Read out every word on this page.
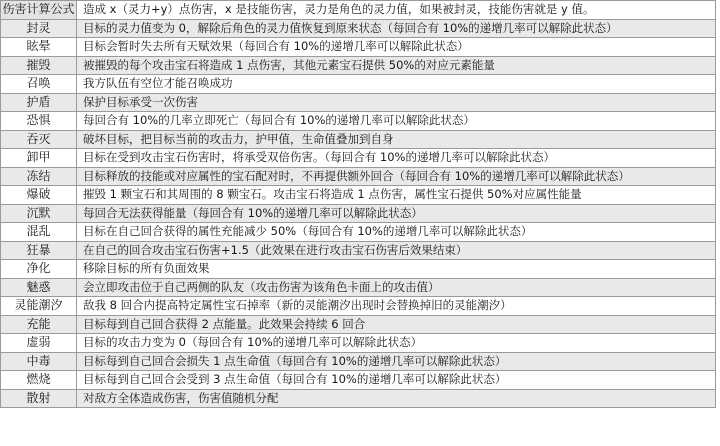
伤害计算公式	造成 x（灵力+y）点伤害，x 是技能伤害，灵力是角色的灵力值，如果被封灵，技能伤害就是 y 值。
封灵	目标的灵力值变为 0，解除后角色的灵力值恢复到原来状态（每回合有 10%的递增几率可以解除此状态）
眩晕	目标会暂时失去所有天赋效果（每回合有 10%的递增几率可以解除此状态）
摧毁	被摧毁的每个攻击宝石将造成 1 点伤害，其他元素宝石提供 50%的对应元素能量
召唤	我方队伍有空位才能召唤成功
护盾	保护目标承受一次伤害
恐惧	每回合有 10%的几率立即死亡（每回合有 10%的递增几率可以解除此状态）
吞灭	破坏目标，把目标当前的攻击力，护甲值，生命值叠加到自身
卸甲	目标在受到攻击宝石伤害时，将承受双倍伤害。（每回合有 10%的递增几率可以解除此状态）
冻结	目标释放的技能或对应属性的宝石配对时，不再提供额外回合（每回合有 10%的递增几率可以解除此状态）
爆破	摧毁 1 颗宝石和其周围的 8 颗宝石。攻击宝石将造成 1 点伤害，属性宝石提供 50%对应属性能量
沉默	每回合无法获得能量（每回合有 10%的递增几率可以解除此状态）
混乱	目标在自己回合获得的属性充能减少 50%（每回合有 10%的递增几率可以解除此状态）
狂暴	在自己的回合攻击宝石伤害+1.5（此效果在进行攻击宝石伤害后效果结束）
净化	移除目标的所有负面效果
魅惑	会立即攻击位于自己两侧的队友（攻击伤害为该角色卡面上的攻击值）
灵能潮汐	敌我 8 回合内提高特定属性宝石掉率（新的灵能潮汐出现时会替换掉旧的灵能潮汐）
充能	目标每到自己回合获得 2 点能量。此效果会持续 6 回合
虚弱	目标的攻击力变为 0（每回合有 10%的递增几率可以解除此状态）
中毒	目标每到自己回合会损失 1 点生命值（每回合有 10%的递增几率可以解除此状态）
燃烧	目标每到自己回合会受到 3 点生命值（每回合有 10%的递增几率可以解除此状态）
散射	对敌方全体造成伤害，伤害值随机分配
